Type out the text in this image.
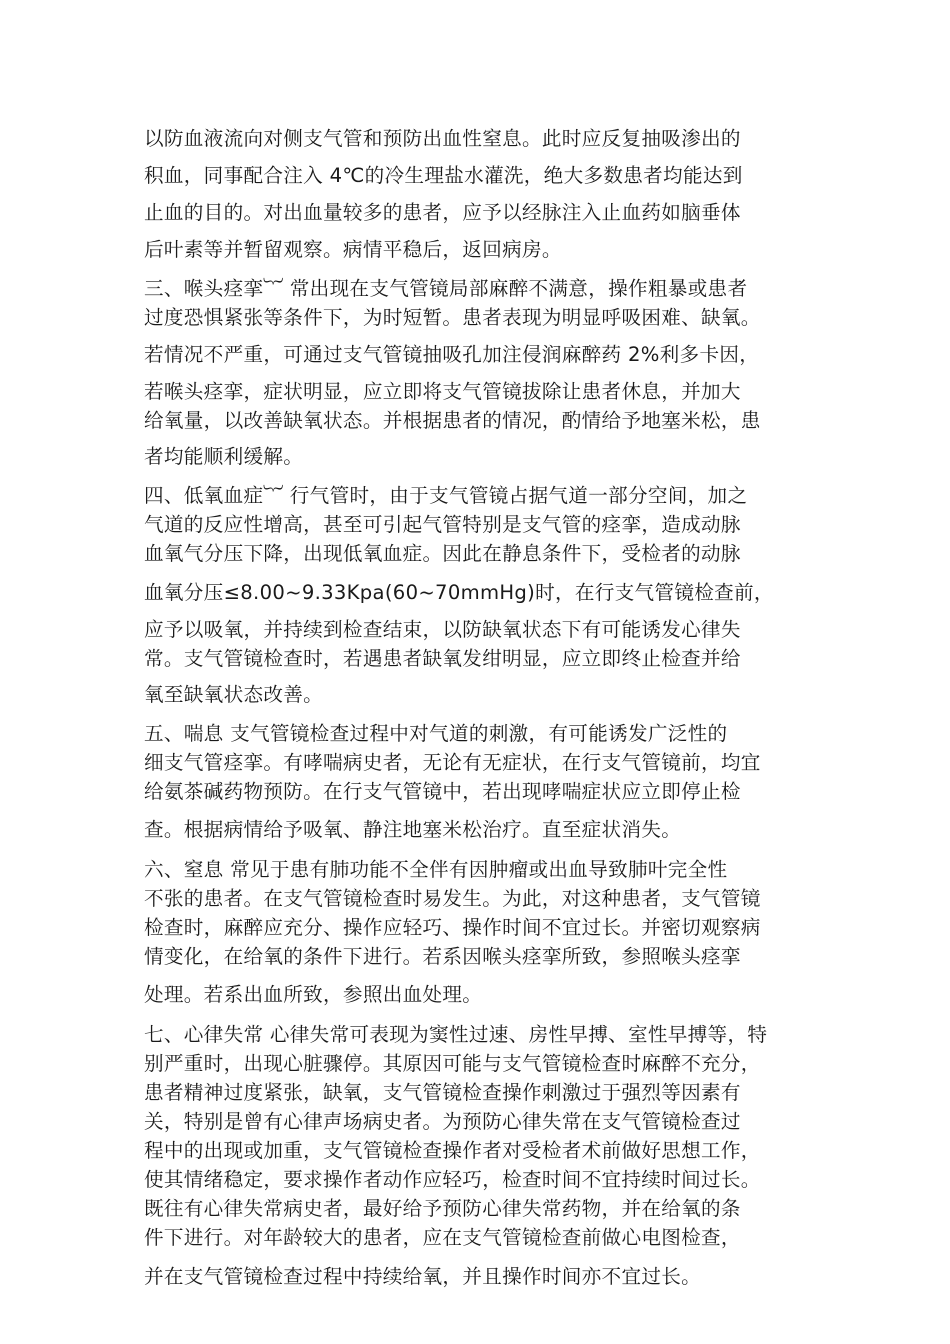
以防血液流向对侧支气管和预防出血性窒息。此时应反复抽吸渗出的
积血，同事配合注入 4℃的冷生理盐水灌洗，绝大多数患者均能达到
止血的目的。对出血量较多的患者，应予以经脉注入止血药如脑垂体
后叶素等并暂留观察。病情平稳后，返回病房。
三、喉头痉挛︸ 常出现在支气管镜局部麻醉不满意，操作粗暴或患者
过度恐惧紧张等条件下，为时短暂。患者表现为明显呼吸困难、缺氧。
若情况不严重，可通过支气管镜抽吸孔加注侵润麻醉药 2%利多卡因，
若喉头痉挛，症状明显，应立即将支气管镜拔除让患者休息，并加大
给氧量，以改善缺氧状态。并根据患者的情况，酌情给予地塞米松，患
者均能顺利缓解。
四、低氧血症︸ 行气管时，由于支气管镜占据气道一部分空间，加之
气道的反应性增高，甚至可引起气管特别是支气管的痉挛，造成动脉
血氧气分压下降，出现低氧血症。因此在静息条件下，受检者的动脉
血氧分压≤8.00~9.33Kpa(60~70mmHg)时，在行支气管镜检查前，
应予以吸氧，并持续到检查结束，以防缺氧状态下有可能诱发心律失
常。支气管镜检查时，若遇患者缺氧发绀明显，应立即终止检查并给
氧至缺氧状态改善。
五、喘息 支气管镜检查过程中对气道的刺激，有可能诱发广泛性的
细支气管痉挛。有哮喘病史者，无论有无症状，在行支气管镜前，均宜
给氨茶碱药物预防。在行支气管镜中，若出现哮喘症状应立即停止检
查。根据病情给予吸氧、静注地塞米松治疗。直至症状消失。
六、窒息 常见于患有肺功能不全伴有因肿瘤或出血导致肺叶完全性
不张的患者。在支气管镜检查时易发生。为此，对这种患者，支气管镜
检查时，麻醉应充分、操作应轻巧、操作时间不宜过长。并密切观察病
情变化，在给氧的条件下进行。若系因喉头痉挛所致，参照喉头痉挛
处理。若系出血所致，参照出血处理。
七、心律失常 心律失常可表现为窦性过速、房性早搏、室性早搏等，特
别严重时，出现心脏骤停。其原因可能与支气管镜检查时麻醉不充分，
患者精神过度紧张，缺氧，支气管镜检查操作刺激过于强烈等因素有
关，特别是曾有心律声场病史者。为预防心律失常在支气管镜检查过
程中的出现或加重，支气管镜检查操作者对受检者术前做好思想工作，
使其情绪稳定，要求操作者动作应轻巧，检查时间不宜持续时间过长。
既往有心律失常病史者，最好给予预防心律失常药物，并在给氧的条
件下进行。对年龄较大的患者，应在支气管镜检查前做心电图检查，
并在支气管镜检查过程中持续给氧，并且操作时间亦不宜过长。
